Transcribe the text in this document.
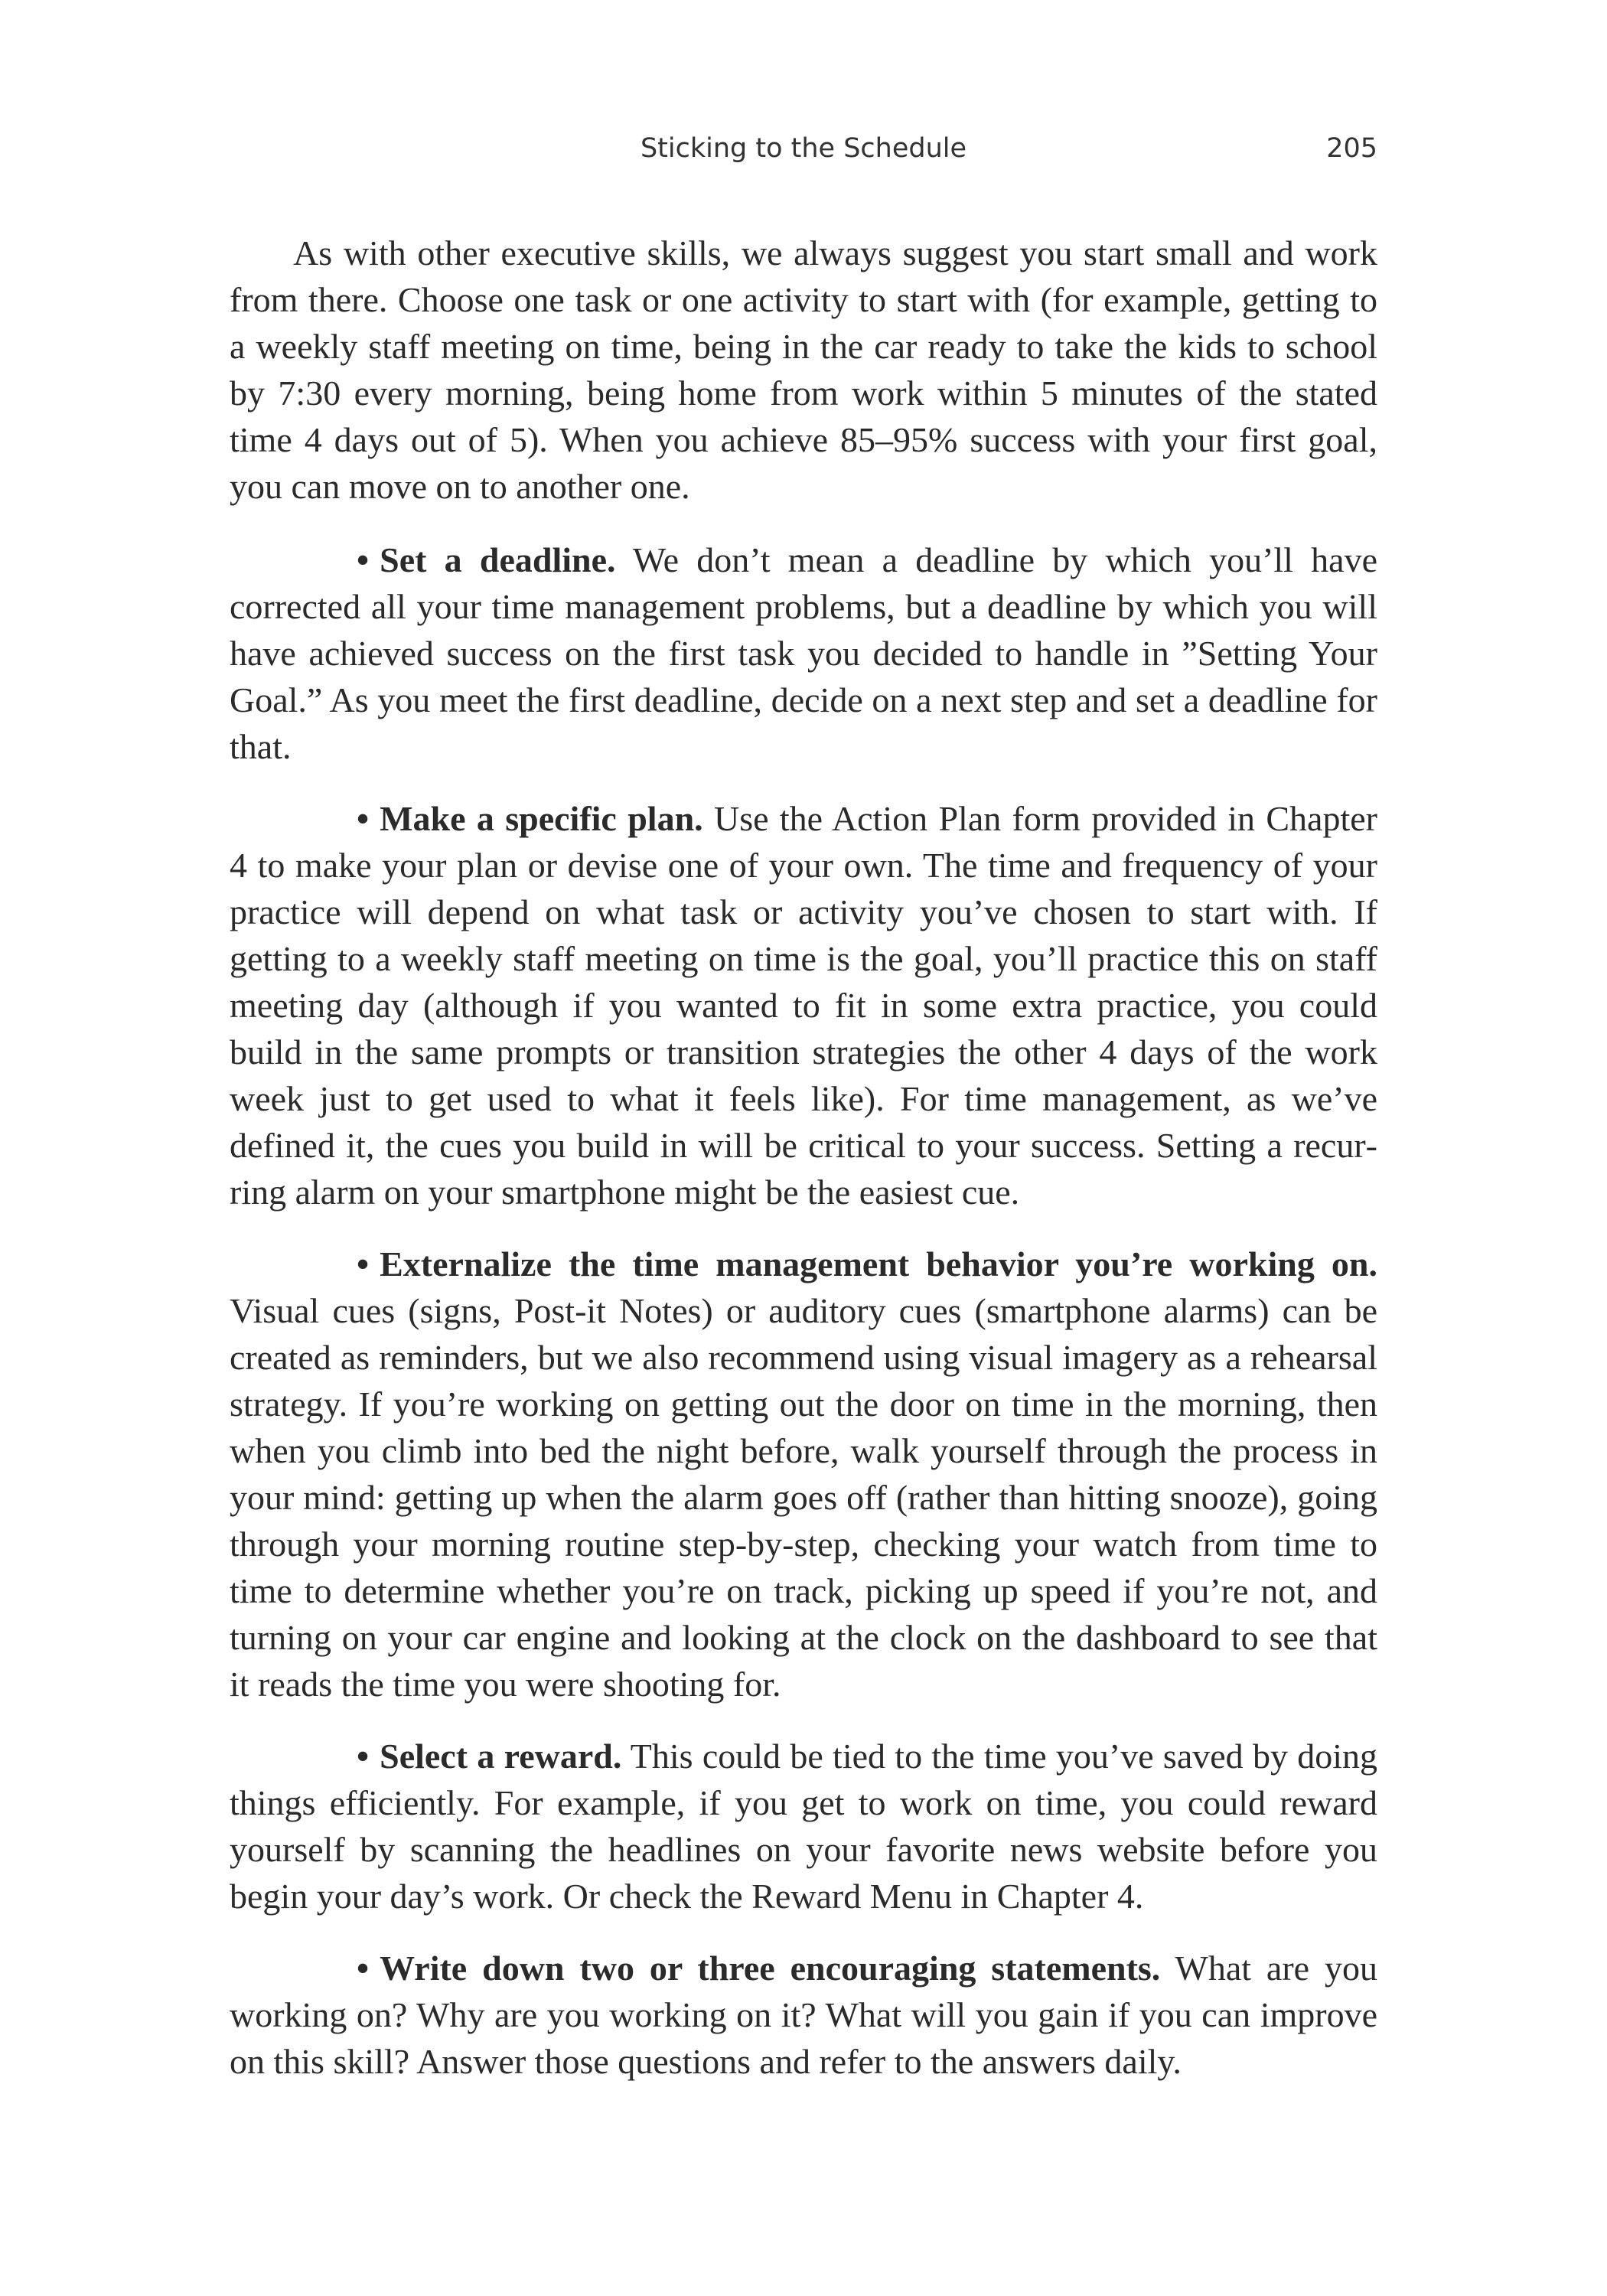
Sticking to the Schedule	205

As with other executive skills, we always suggest you start small and work from there. Choose one task or one activity to start with (for example, getting to a weekly staff meeting on time, being in the car ready to take the kids to school by 7:30 every morning, being home from work within 5 minutes of the stated time 4 days out of 5). When you achieve 85–95% success with your first goal, you can move on to another one.

• Set a deadline. We don’t mean a deadline by which you’ll have corrected all your time management problems, but a deadline by which you will have achieved success on the first task you decided to handle in ”Setting Your Goal.” As you meet the first deadline, decide on a next step and set a deadline for that.

• Make a specific plan. Use the Action Plan form provided in Chapter 4 to make your plan or devise one of your own. The time and frequency of your practice will depend on what task or activity you’ve chosen to start with. If getting to a weekly staff meeting on time is the goal, you’ll practice this on staff meeting day (although if you wanted to fit in some extra practice, you could build in the same prompts or transition strategies the other 4 days of the work week just to get used to what it feels like). For time management, as we’ve defined it, the cues you build in will be critical to your success. Setting a recurring alarm on your smartphone might be the easiest cue.

• Externalize the time management behavior you’re working on. Visual cues (signs, Post-it Notes) or auditory cues (smartphone alarms) can be created as reminders, but we also recommend using visual imagery as a rehearsal strategy. If you’re working on getting out the door on time in the morning, then when you climb into bed the night before, walk yourself through the process in your mind: getting up when the alarm goes off (rather than hitting snooze), going through your morning routine step-by-step, checking your watch from time to time to determine whether you’re on track, picking up speed if you’re not, and turning on your car engine and looking at the clock on the dashboard to see that it reads the time you were shooting for.

• Select a reward. This could be tied to the time you’ve saved by doing things efficiently. For example, if you get to work on time, you could reward yourself by scanning the headlines on your favorite news website before you begin your day’s work. Or check the Reward Menu in Chapter 4.

• Write down two or three encouraging statements. What are you working on? Why are you working on it? What will you gain if you can improve on this skill? Answer those questions and refer to the answers daily.
